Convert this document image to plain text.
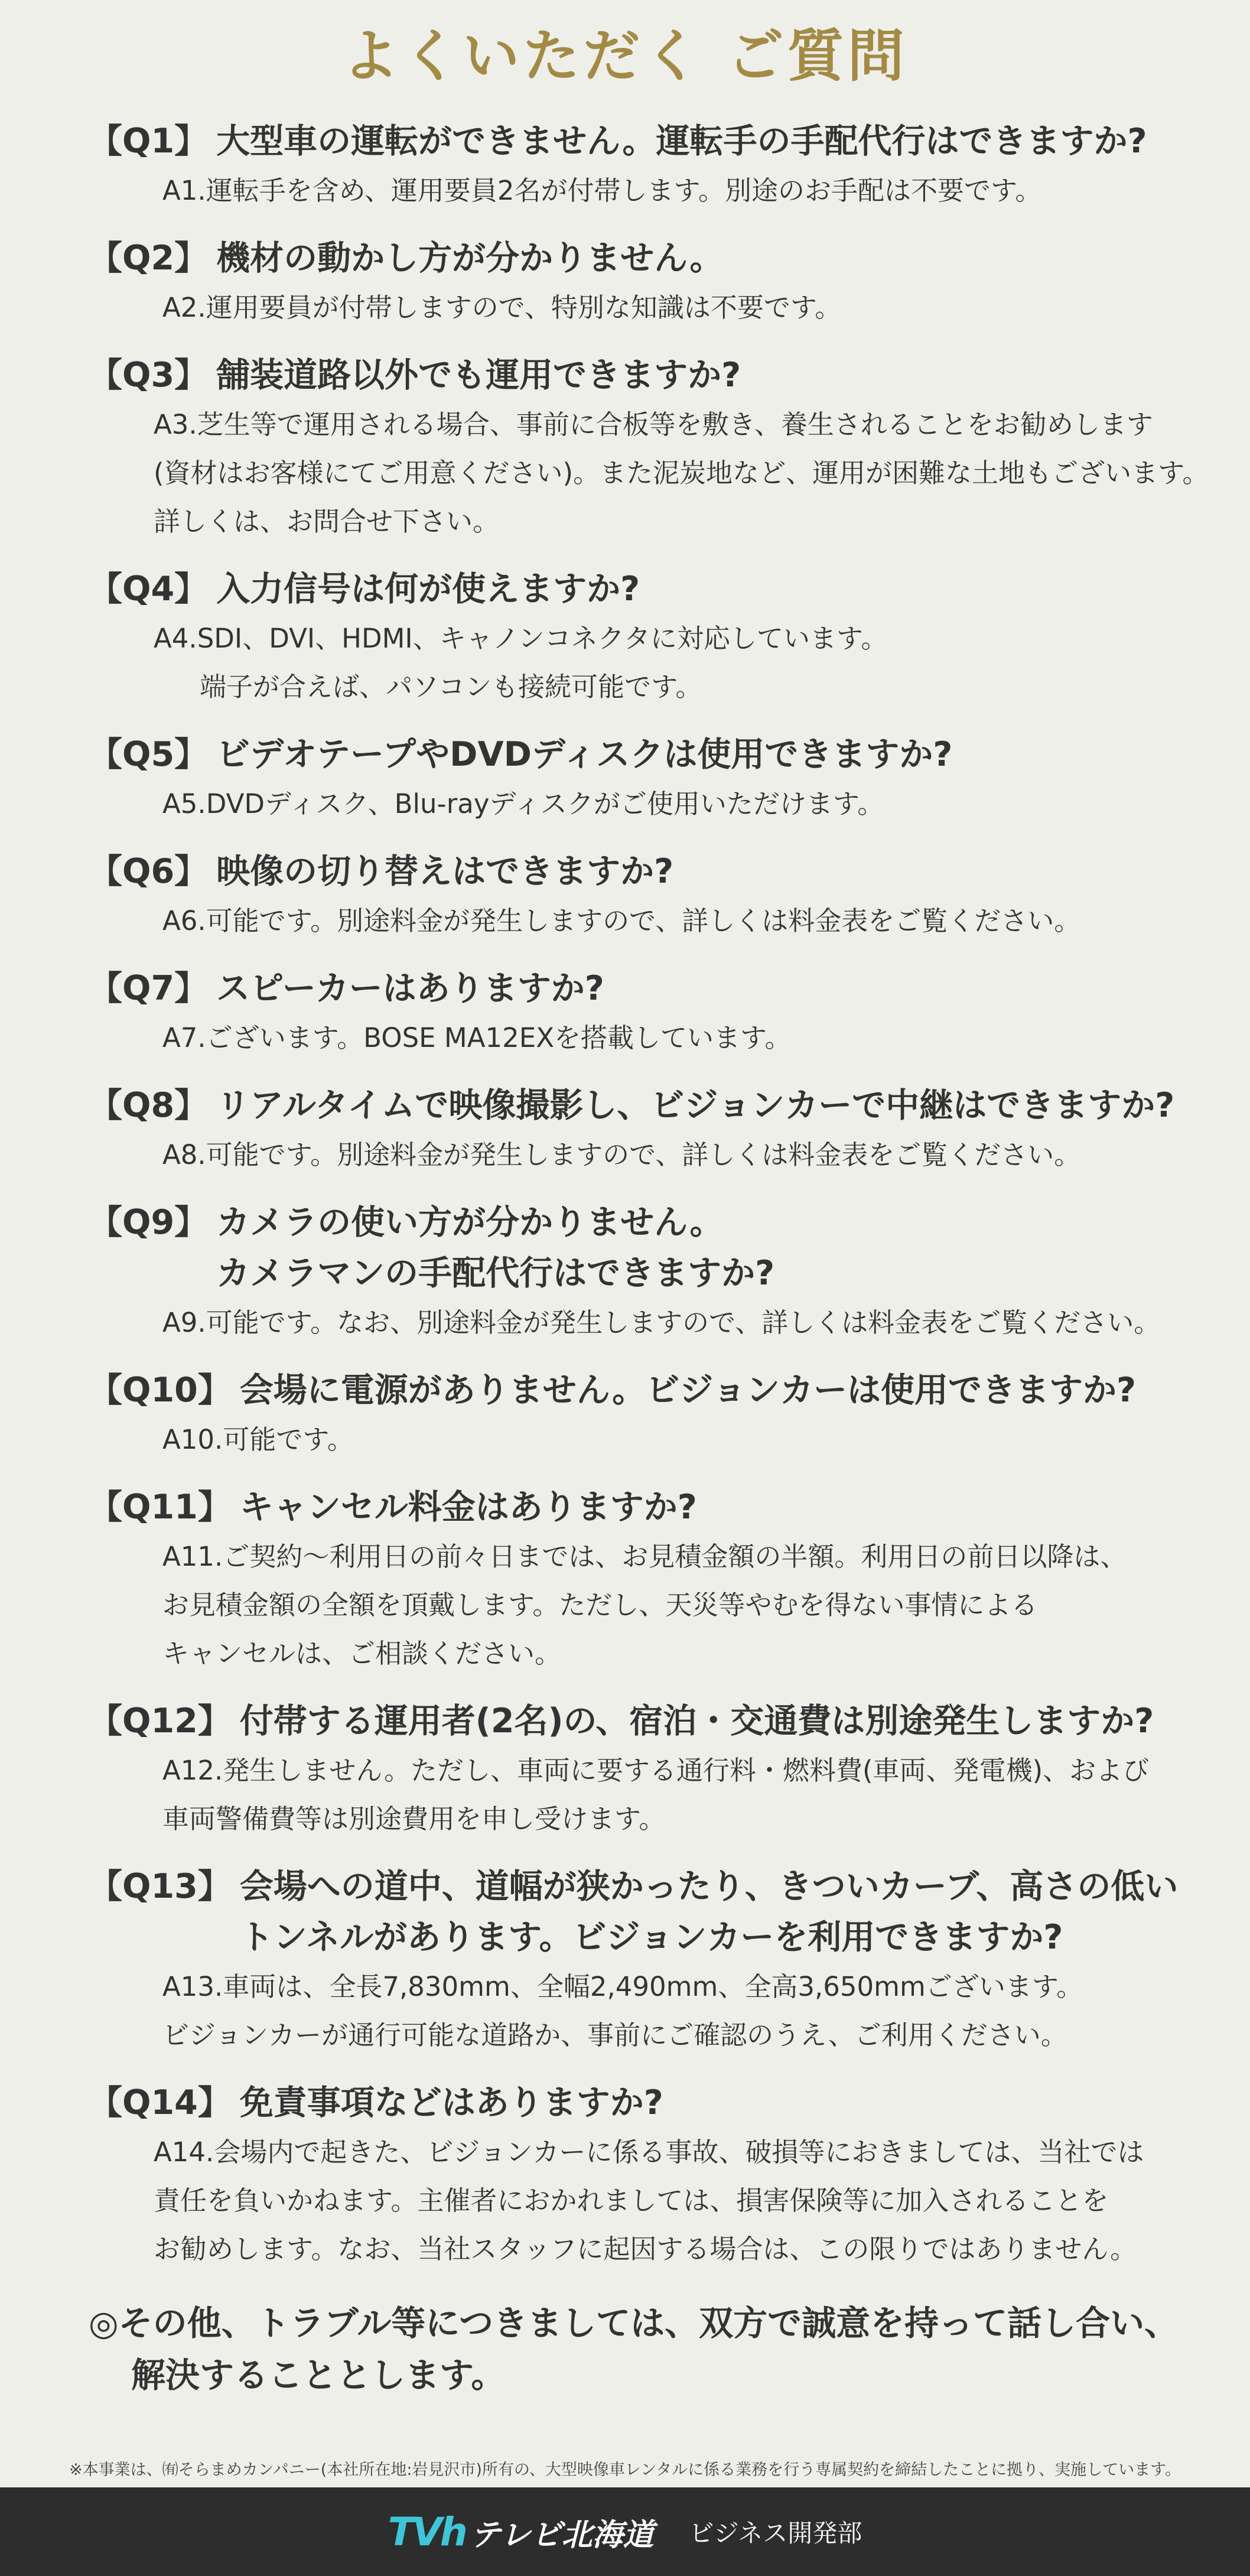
よくいただく ご質問
【Q1】 大型車の運転ができません。運転手の手配代行はできますか?
A1.運転手を含め、運用要員2名が付帯します。別途のお手配は不要です。
【Q2】 機材の動かし方が分かりません。
A2.運用要員が付帯しますので、特別な知識は不要です。
【Q3】 舗装道路以外でも運用できますか?
A3.芝生等で運用される場合、事前に合板等を敷き、養生されることをお勧めします
(資材はお客様にてご用意ください)。また泥炭地など、運用が困難な土地もございます。
詳しくは、お問合せ下さい。
【Q4】 入力信号は何が使えますか?
A4.SDI、DVI、HDMI、キャノンコネクタに対応しています。
端子が合えば、パソコンも接続可能です。
【Q5】 ビデオテープやDVDディスクは使用できますか?
A5.DVDディスク、Blu-rayディスクがご使用いただけます。
【Q6】 映像の切り替えはできますか?
A6.可能です。別途料金が発生しますので、詳しくは料金表をご覧ください。
【Q7】 スピーカーはありますか?
A7.ございます。BOSE MA12EXを搭載しています。
【Q8】 リアルタイムで映像撮影し、ビジョンカーで中継はできますか?
A8.可能です。別途料金が発生しますので、詳しくは料金表をご覧ください。
【Q9】 カメラの使い方が分かりません。
カメラマンの手配代行はできますか?
A9.可能です。なお、別途料金が発生しますので、詳しくは料金表をご覧ください。
【Q10】 会場に電源がありません。ビジョンカーは使用できますか?
A10.可能です。
【Q11】 キャンセル料金はありますか?
A11.ご契約〜利用日の前々日までは、お見積金額の半額。利用日の前日以降は、
お見積金額の全額を頂戴します。ただし、天災等やむを得ない事情による
キャンセルは、ご相談ください。
【Q12】 付帯する運用者(2名)の、宿泊・交通費は別途発生しますか?
A12.発生しません。ただし、車両に要する通行料・燃料費(車両、発電機)、および
車両警備費等は別途費用を申し受けます。
【Q13】 会場への道中、道幅が狭かったり、きついカーブ、高さの低い
トンネルがあります。ビジョンカーを利用できますか?
A13.車両は、全長7,830mm、全幅2,490mm、全高3,650mmございます。
ビジョンカーが通行可能な道路か、事前にご確認のうえ、ご利用ください。
【Q14】 免責事項などはありますか?
A14.会場内で起きた、ビジョンカーに係る事故、破損等におきましては、当社では
責任を負いかねます。主催者におかれましては、損害保険等に加入されることを
お勧めします。なお、当社スタッフに起因する場合は、この限りではありません。
◎その他、トラブル等につきましては、双方で誠意を持って話し合い、
解決することとします。
※本事業は、㈲そらまめカンパニー(本社所在地:岩見沢市)所有の、大型映像車レンタルに係る業務を行う専属契約を締結したことに拠り、実施しています。
TVh テレビ北海道 ビジネス開発部
